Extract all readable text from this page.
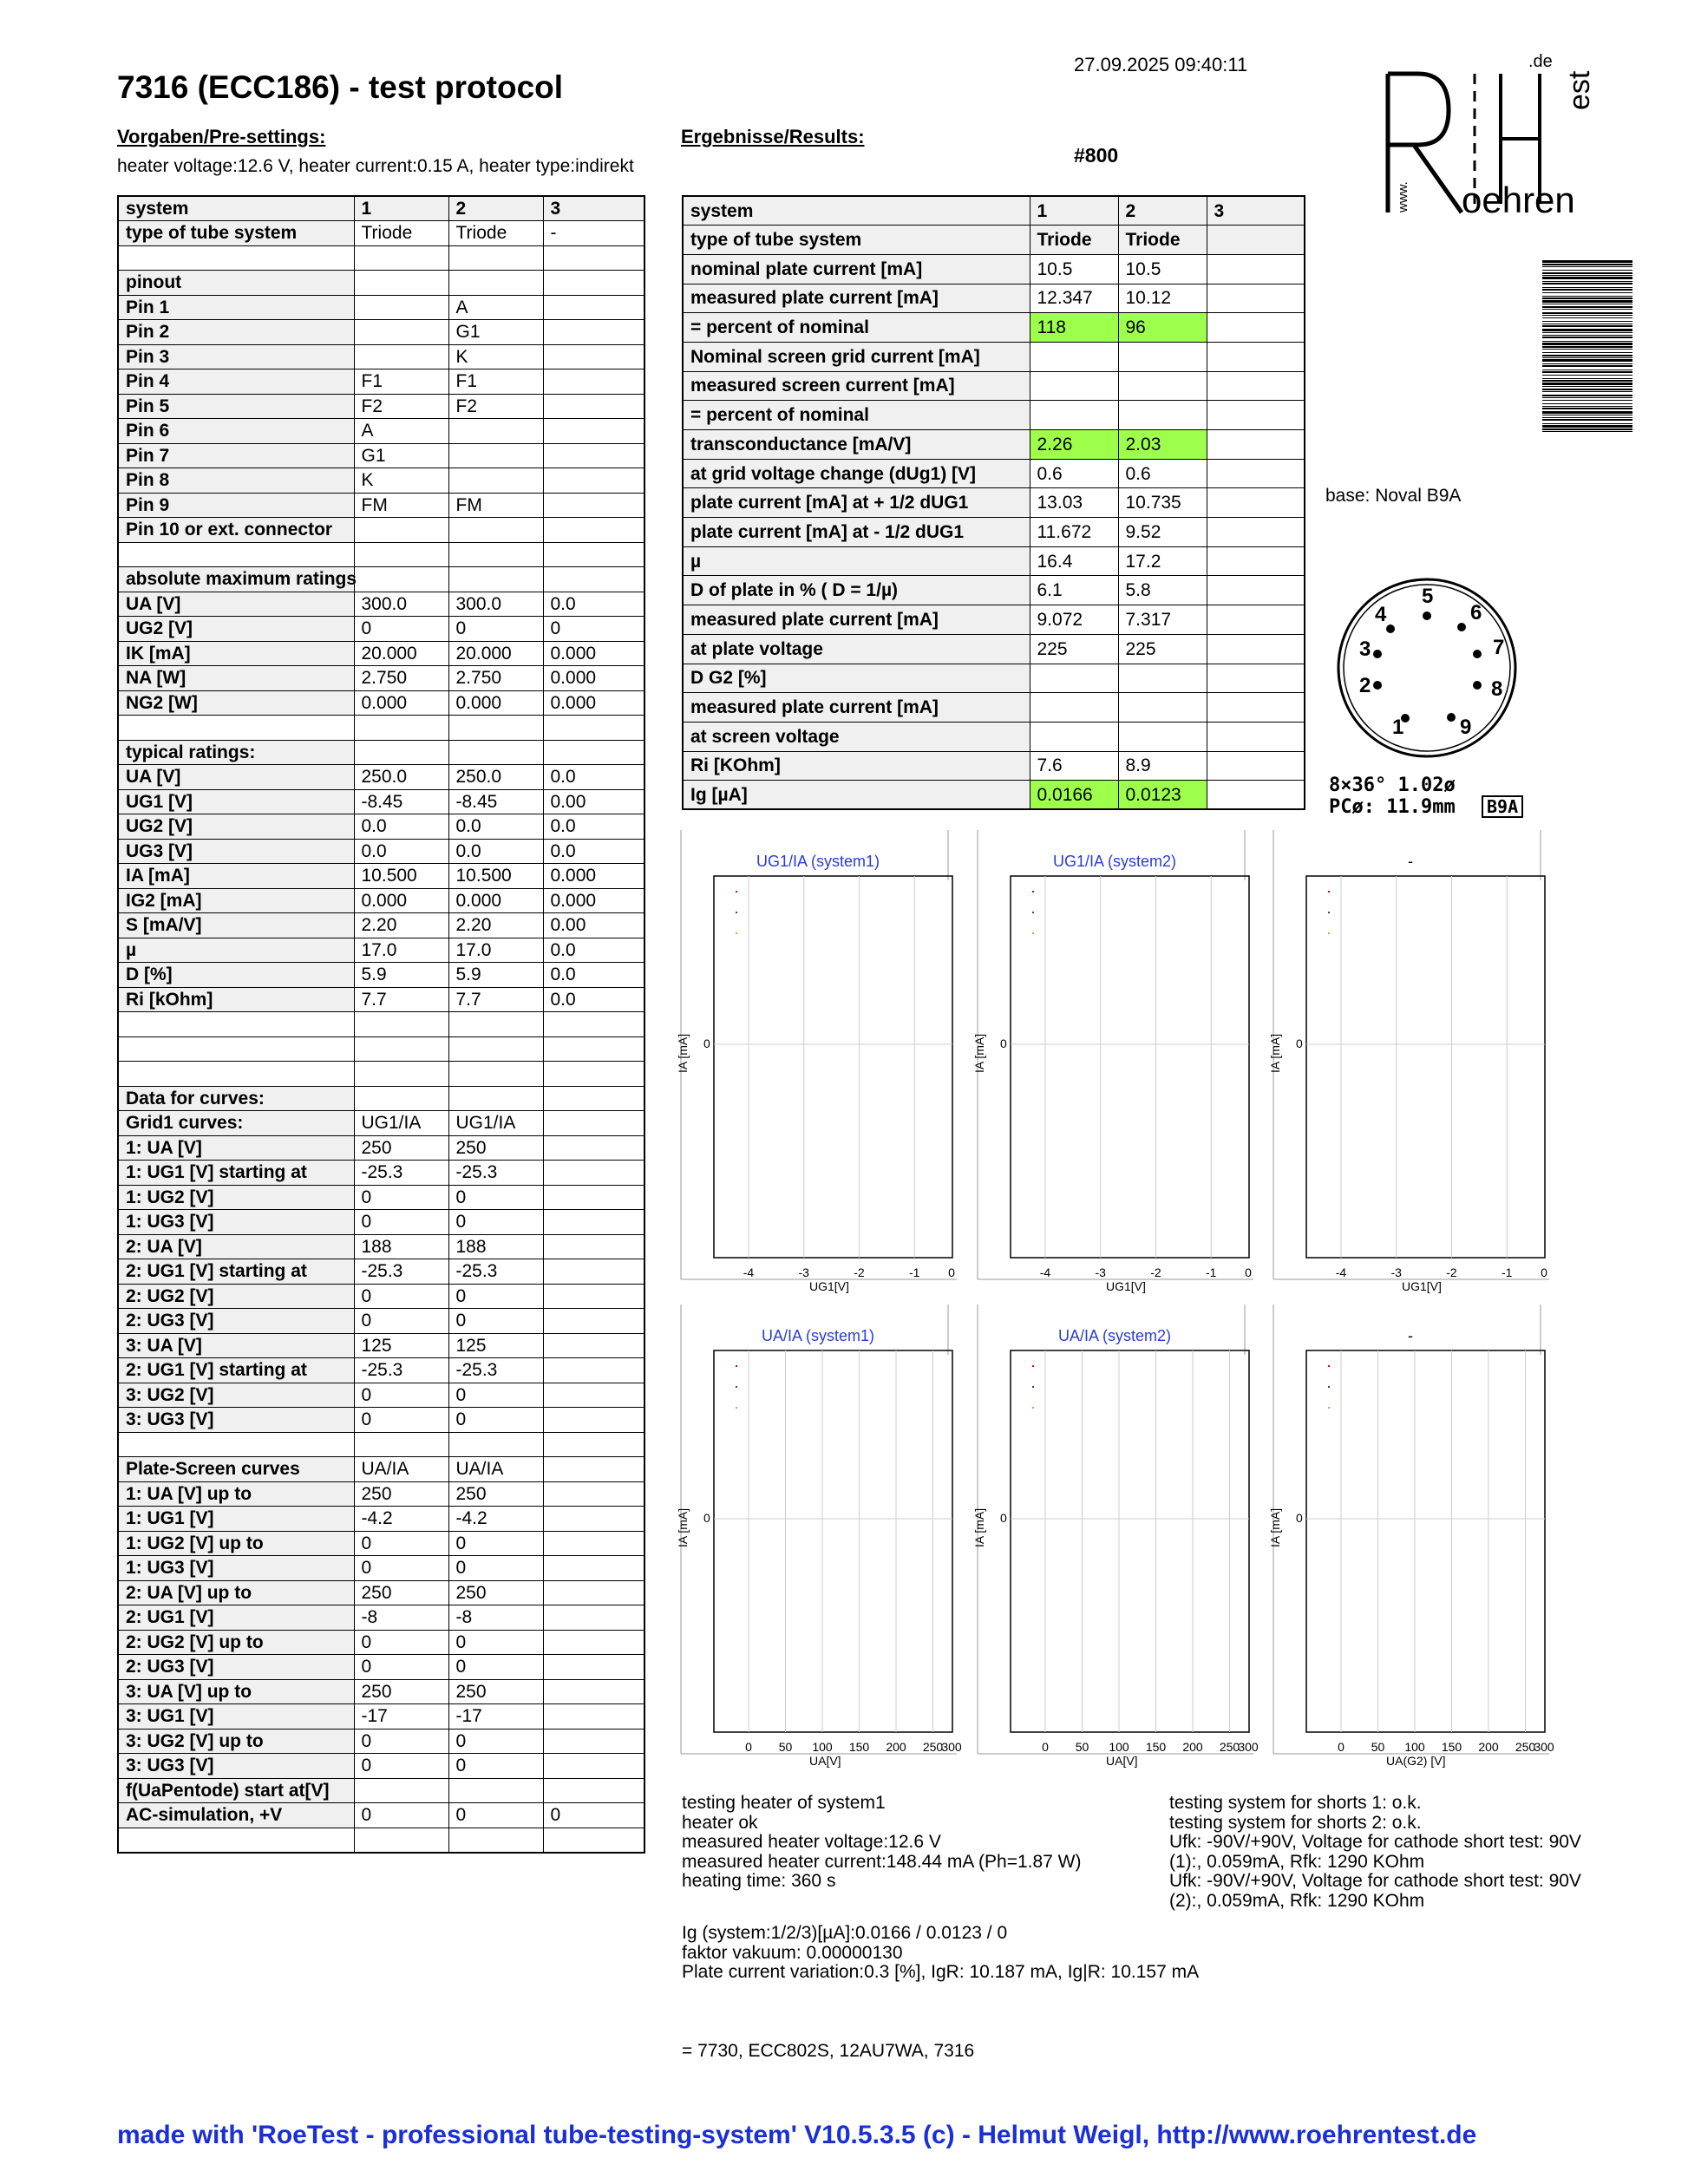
7316 (ECC186) - test protocol
27.09.2025 09:40:11
Vorgaben/Pre-settings:	Ergebnisse/Results:
heater voltage:12.6 V, heater current:0.15 A, heater type:indirekt	#800
www. oehren
est
.de
system	1	2	3
type of tube system	Triode	Triode	-

pinout			
Pin 1		A	
Pin 2		G1	
Pin 3		K	
Pin 4	F1	F1	
Pin 5	F2	F2	
Pin 6	A		
Pin 7	G1		
Pin 8	K		
Pin 9	FM	FM	
Pin 10 or ext. connector			

absolute maximum ratings			
UA [V]	300.0	300.0	0.0
UG2 [V]	0	0	0
IK [mA]	20.000	20.000	0.000
NA [W]	2.750	2.750	0.000
NG2 [W]	0.000	0.000	0.000

typical ratings:			
UA [V]	250.0	250.0	0.0
UG1 [V]	-8.45	-8.45	0.00
UG2 [V]	0.0	0.0	0.0
UG3 [V]	0.0	0.0	0.0
IA [mA]	10.500	10.500	0.000
IG2 [mA]	0.000	0.000	0.000
S [mA/V]	2.20	2.20	0.00
µ	17.0	17.0	0.0
D [%]	5.9	5.9	0.0
Ri [kOhm]	7.7	7.7	0.0

Data for curves:			
Grid1 curves:	UG1/IA	UG1/IA	
1: UA [V]	250	250	
1: UG1 [V] starting at	-25.3	-25.3	
1: UG2 [V]	0	0	
1: UG3 [V]	0	0	
2: UA [V]	188	188	
2: UG1 [V] starting at	-25.3	-25.3	
2: UG2 [V]	0	0	
2: UG3 [V]	0	0	
3: UA [V]	125	125	
2: UG1 [V] starting at	-25.3	-25.3	
3: UG2 [V]	0	0	
3: UG3 [V]	0	0	

Plate-Screen curves	UA/IA	UA/IA	
1: UA [V] up to	250	250	
1: UG1 [V]	-4.2	-4.2	
1: UG2 [V] up to	0	0	
1: UG3 [V]	0	0	
2: UA [V] up to	250	250	
2: UG1 [V]	-8	-8	
2: UG2 [V] up to	0	0	
2: UG3 [V]	0	0	
3: UA [V] up to	250	250	
3: UG1 [V]	-17	-17	
3: UG2 [V] up to	0	0	
3: UG3 [V]	0	0	
f(UaPentode) start at[V]			
AC-simulation, +V	0	0	0

system	1	2	3
type of tube system	Triode	Triode	
nominal plate current [mA]	10.5	10.5	
measured plate current [mA]	12.347	10.12	
= percent of nominal	118	96	
Nominal screen grid current [mA]			
measured screen current [mA]			
= percent of nominal			
transconductance [mA/V]	2.26	2.03	
at grid voltage change (dUg1) [V]	0.6	0.6	
plate current [mA] at + 1/2 dUG1	13.03	10.735	
plate current [mA] at - 1/2 dUG1	11.672	9.52	
µ	16.4	17.2	
D of plate in % ( D = 1/µ)	6.1	5.8	
measured plate current [mA]	9.072	7.317	
at plate voltage	225	225	
D G2 [%]			
measured plate current [mA]			
at screen voltage			
Ri [KOhm]	7.6	8.9	
Ig [µA]	0.0166	0.0123	
base: Noval B9A
1
2
3
4
5
6
7
8
9
8×36° 1.02ø
PCø: 11.9mm	B9A
UG1/IA (system1)
IA [mA] 0
-4	-3	-2	-1 0
UG1[V]
UG1/IA (system2)
IA [mA] 0
-4	-3	-2	-1 0
UG1[V]
-
IA [mA] 0
-4	-3	-2	-1 0
UG1[V]
UA/IA (system1)
IA [mA] 0
0 50 100 150 200 250
300
UA[V]
UA/IA (system2)
IA [mA] 0
0 50 100 150 200 250
300
UA[V]
-
IA [mA] 0
0 50 100 150 200 250
300
UA(G2) [V]
testing heater of system1
heater ok
measured heater voltage:12.6 V
measured heater current:148.44 mA (Ph=1.87 W)
heating time: 360 s
testing system for shorts 1: o.k.
testing system for shorts 2: o.k.
Ufk: -90V/+90V, Voltage for cathode short test: 90V
(1):, 0.059mA, Rfk: 1290 KOhm
Ufk: -90V/+90V, Voltage for cathode short test: 90V
(2):, 0.059mA, Rfk: 1290 KOhm
Ig (system:1/2/3)[µA]:0.0166 / 0.0123 / 0
faktor vakuum: 0.00000130
Plate current variation:0.3 [%], IgR: 10.187 mA, Ig|R: 10.157 mA
= 7730, ECC802S, 12AU7WA, 7316
made with 'RoeTest - professional tube-testing-system' V10.5.3.5 (c) - Helmut Weigl, http://www.roehrentest.de
